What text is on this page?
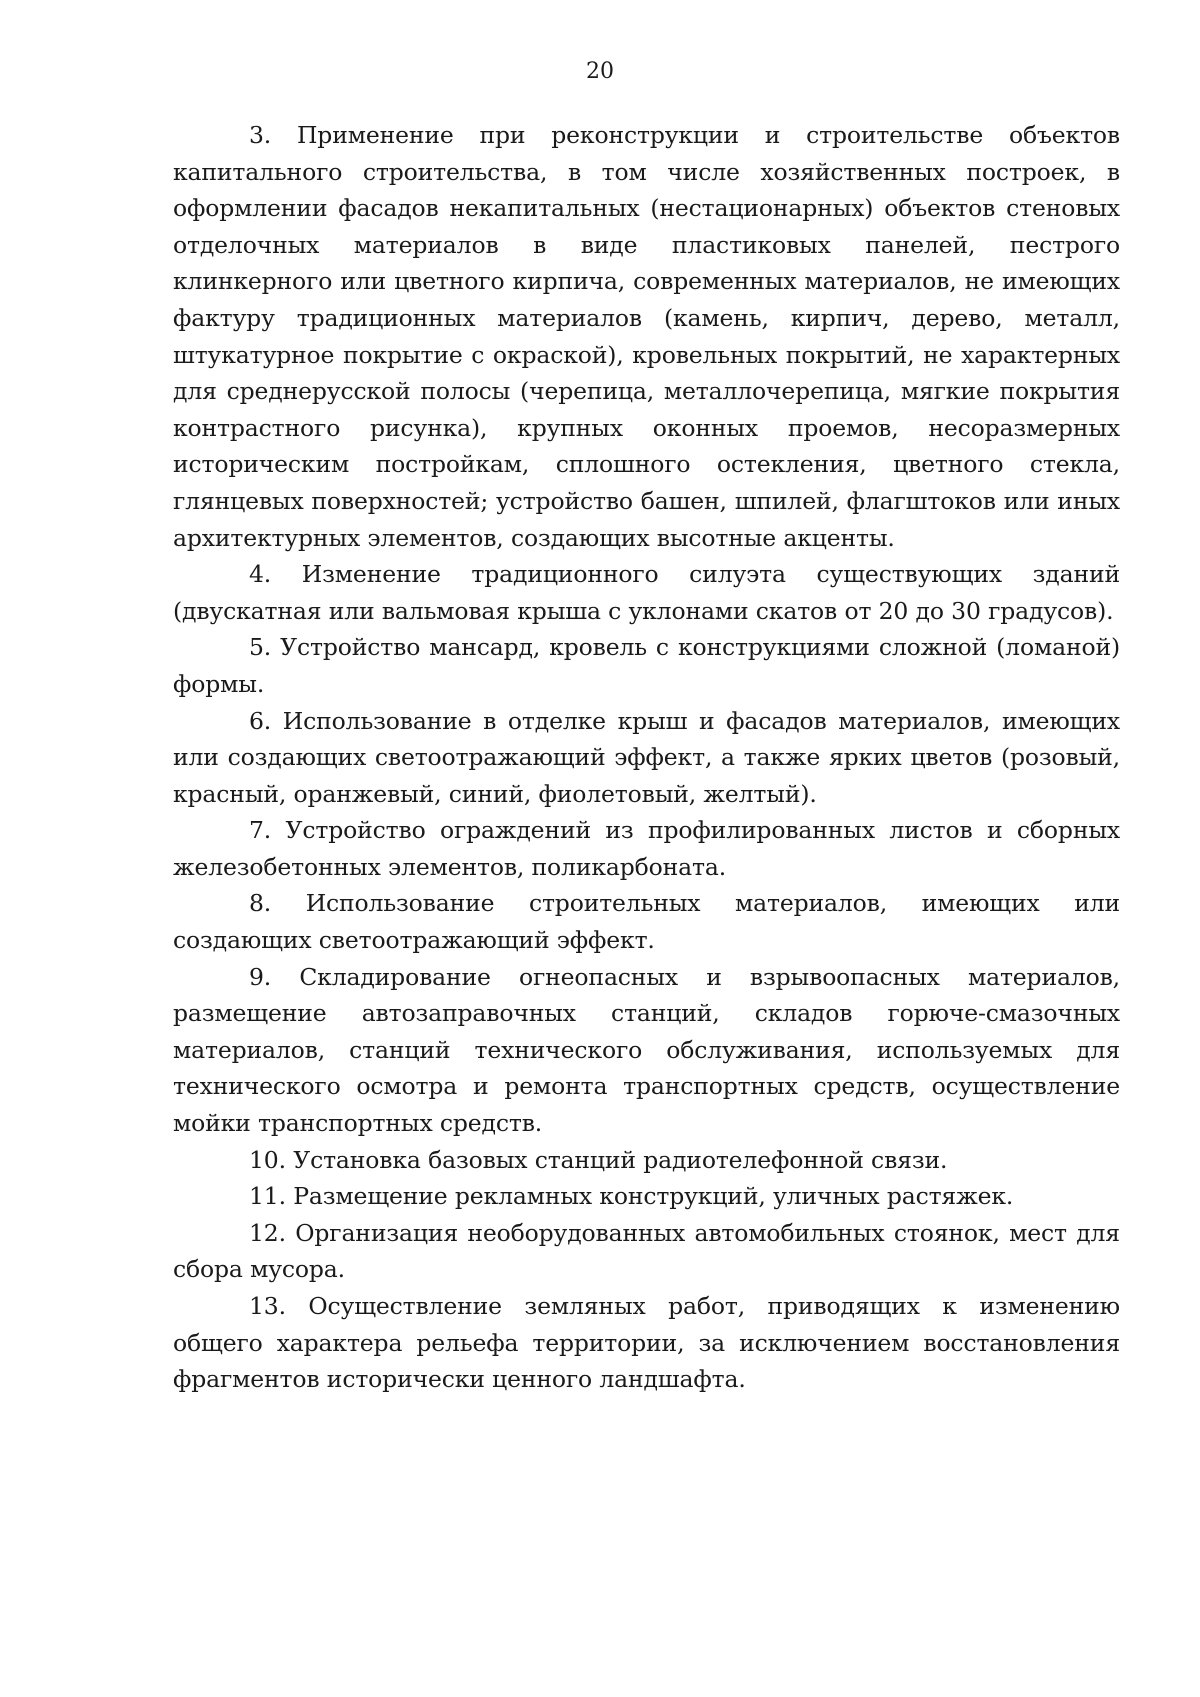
20

3. Применение при реконструкции и строительстве объектов капитального строительства, в том числе хозяйственных построек, в оформлении фасадов некапитальных (нестационарных) объектов стеновых отделочных материалов в виде пластиковых панелей, пестрого клинкерного или цветного кирпича, современных материалов, не имеющих фактуру традиционных материалов (камень, кирпич, дерево, металл, штукатурное покрытие с окраской), кровельных покрытий, не характерных для среднерусской полосы (черепица, металлочерепица, мягкие покрытия контрастного рисунка), крупных оконных проемов, несоразмерных историческим постройкам, сплошного остекления, цветного стекла, глянцевых поверхностей; устройство башен, шпилей, флагштоков или иных архитектурных элементов, создающих высотные акценты.

4. Изменение традиционного силуэта существующих зданий (двускатная или вальмовая крыша с уклонами скатов от 20 до 30 градусов).

5. Устройство мансард, кровель с конструкциями сложной (ломаной) формы.

6. Использование в отделке крыш и фасадов материалов, имеющих или создающих светоотражающий эффект, а также ярких цветов (розовый, красный, оранжевый, синий, фиолетовый, желтый).

7. Устройство ограждений из профилированных листов и сборных железобетонных элементов, поликарбоната.

8. Использование строительных материалов, имеющих или создающих светоотражающий эффект.

9. Складирование огнеопасных и взрывоопасных материалов, размещение автозаправочных станций, складов горюче-смазочных материалов, станций технического обслуживания, используемых для технического осмотра и ремонта транспортных средств, осуществление мойки транспортных средств.

10. Установка базовых станций радиотелефонной связи.

11. Размещение рекламных конструкций, уличных растяжек.

12. Организация необорудованных автомобильных стоянок, мест для сбора мусора.

13. Осуществление земляных работ, приводящих к изменению общего характера рельефа территории, за исключением восстановления фрагментов исторически ценного ландшафта.
